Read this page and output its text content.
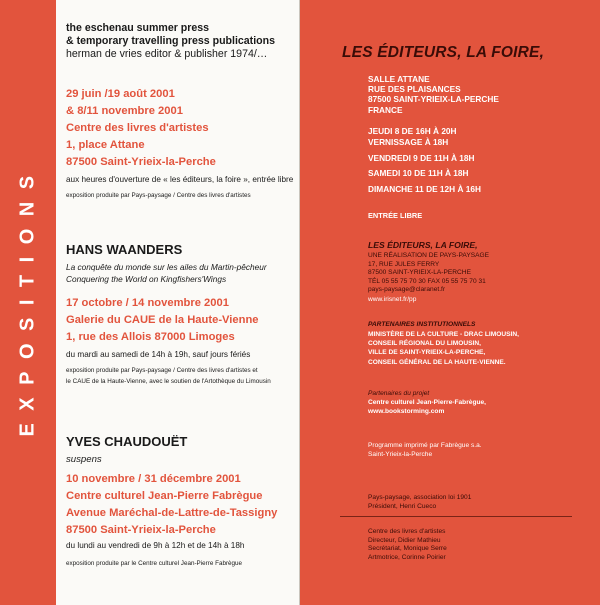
EXPOSITIONS
the eschenau summer press
& temporary travelling press publications
herman de vries editor & publisher 1974/…
29 juin /19 août 2001
& 8/11 novembre 2001
Centre des livres d'artistes
1, place Attane
87500 Saint-Yrieix-la-Perche
aux heures d'ouverture de « les éditeurs, la foire », entrée libre
exposition produite par Pays-paysage / Centre des livres d'artistes
HANS WAANDERS
La conquête du monde sur les ailes du Martin-pêcheur
Conquering the World on Kingfishers'Wings
17 octobre / 14 novembre 2001
Galerie du CAUE de la Haute-Vienne
1, rue des Allois 87000 Limoges
du mardi au samedi de 14h à 19h, sauf jours fériés
exposition produite par Pays-paysage / Centre des livres d'artistes et
le CAUE de la Haute-Vienne, avec le soutien de l'Artothèque du Limousin
YVES CHAUDOUËT
suspens
10 novembre / 31 décembre 2001
Centre culturel Jean-Pierre Fabrègue
Avenue Maréchal-de-Lattre-de-Tassigny
87500 Saint-Yrieix-la-Perche
du lundi au vendredi de 9h à 12h et de 14h à 18h
exposition produite par le Centre culturel Jean-Pierre Fabrègue
LES ÉDITEURS, LA FOIRE,
SALLE ATTANE
RUE DES PLAISANCES
87500 SAINT-YRIEIX-LA-PERCHE
FRANCE
JEUDI 8 DE 16H À 20H
VERNISSAGE À 18H
VENDREDI 9 DE 11H À 18H
SAMEDI 10 DE 11H À 18H
DIMANCHE 11 DE 12H À 16H
ENTRÉE LIBRE
LES ÉDITEURS, LA FOIRE,
UNE RÉALISATION DE PAYS-PAYSAGE
17, RUE JULES FERRY
87500 SAINT-YRIEIX-LA-PERCHE
TÉL 05 55 75 70 30 FAX 05 55 75 70 31
pays-paysage@claranet.fr
www.irisnet.fr/pp
PARTENAIRES INSTITUTIONNELS
MINISTÈRE DE LA CULTURE - DRAC LIMOUSIN,
CONSEIL RÉGIONAL DU LIMOUSIN,
VILLE DE SAINT-YRIEIX-LA-PERCHE,
CONSEIL GÉNÉRAL DE LA HAUTE-VIENNE.
Partenaires du projet
Centre culturel Jean-Pierre-Fabrègue,
www.bookstorming.com
Programme imprimé par Fabrègue s.a.
Saint-Yrieix-la-Perche
Pays-paysage, association loi 1901
Président, Henri Cueco
Centre des livres d'artistes
Directeur, Didier Mathieu
Secrétariat, Monique Serre
Artmotrice, Corinne Poirier
